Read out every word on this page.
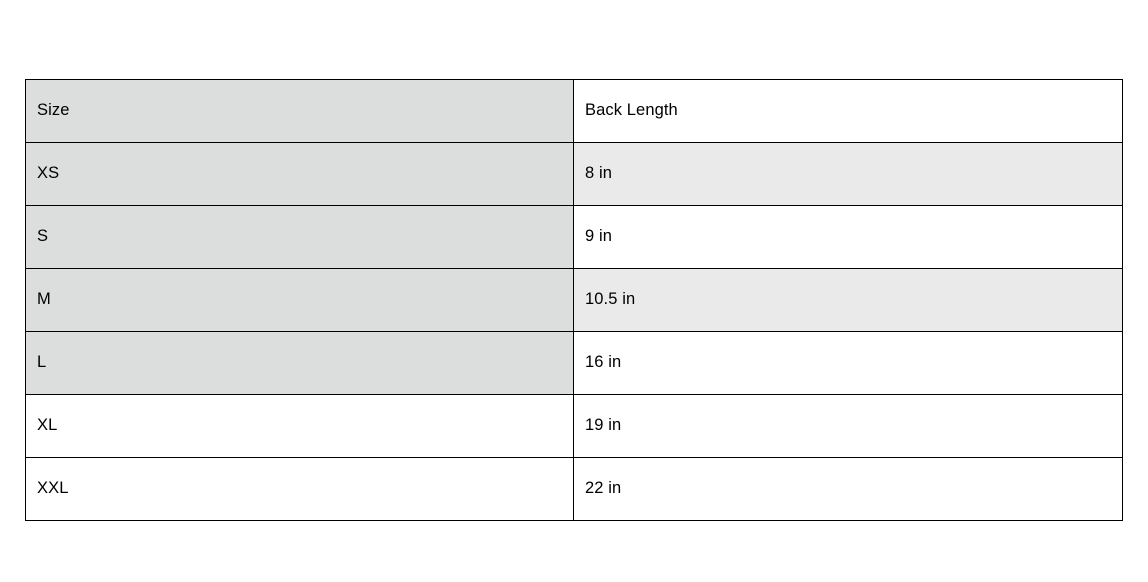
Size	Back Length
XS	8 in
S	9 in
M	10.5 in
L	16 in
XL	19 in
XXL	22 in
